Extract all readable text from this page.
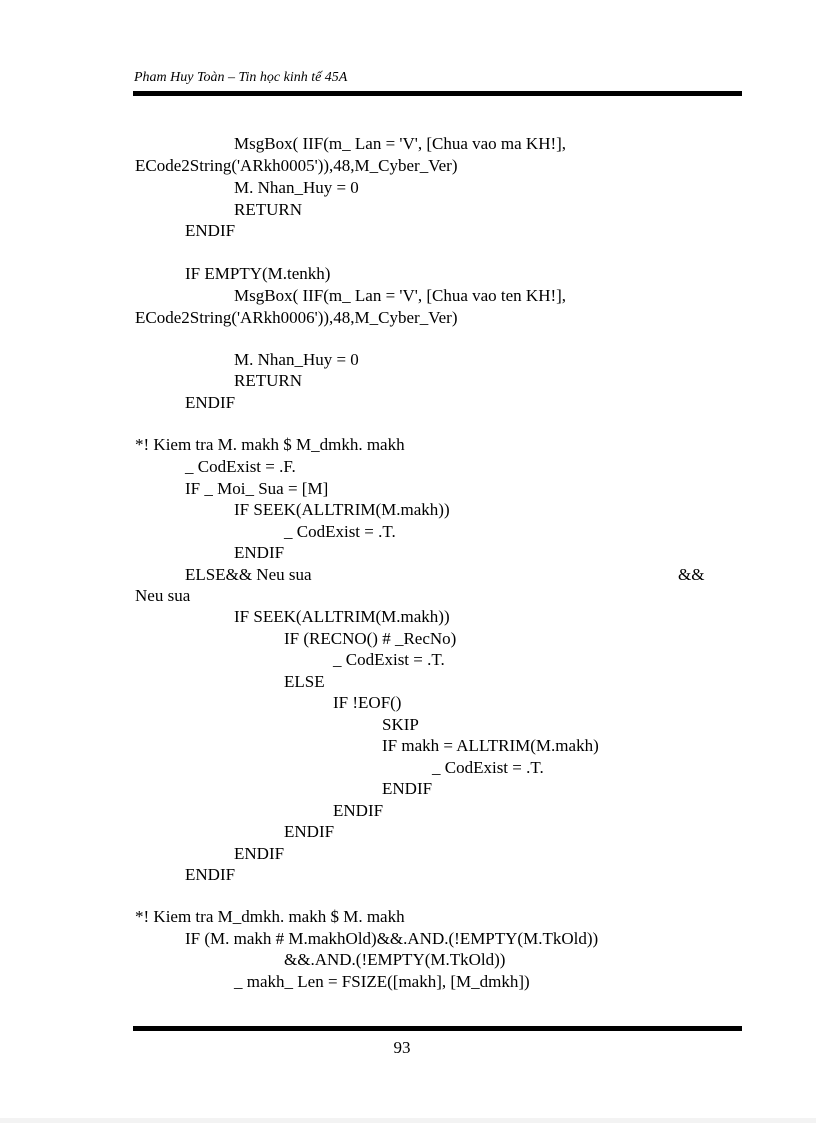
Pham Huy Toàn – Tin học kinh tế 45A
MsgBox( IIF(m_ Lan = 'V', [Chua vao ma KH!],
ECode2String('ARkh0005')),48,M_Cyber_Ver)
M. Nhan_Huy = 0
RETURN
ENDIF
IF EMPTY(M.tenkh)
MsgBox( IIF(m_ Lan = 'V', [Chua vao ten KH!],
ECode2String('ARkh0006')),48,M_Cyber_Ver)
M. Nhan_Huy = 0
RETURN
ENDIF
*! Kiem tra M. makh $ M_dmkh. makh
_ CodExist = .F.
IF _ Moi_ Sua = [M]
IF SEEK(ALLTRIM(M.makh))
_ CodExist = .T.
ENDIF
ELSE&& Neu sua	&&
Neu sua
IF SEEK(ALLTRIM(M.makh))
IF (RECNO() # _RecNo)
_ CodExist = .T.
ELSE
IF !EOF()
SKIP
IF makh = ALLTRIM(M.makh)
_ CodExist = .T.
ENDIF
ENDIF
ENDIF
ENDIF
ENDIF
*! Kiem tra M_dmkh. makh $ M. makh
IF (M. makh # M.makhOld)&&.AND.(!EMPTY(M.TkOld))
&&.AND.(!EMPTY(M.TkOld))
_ makh_ Len = FSIZE([makh], [M_dmkh])
93
